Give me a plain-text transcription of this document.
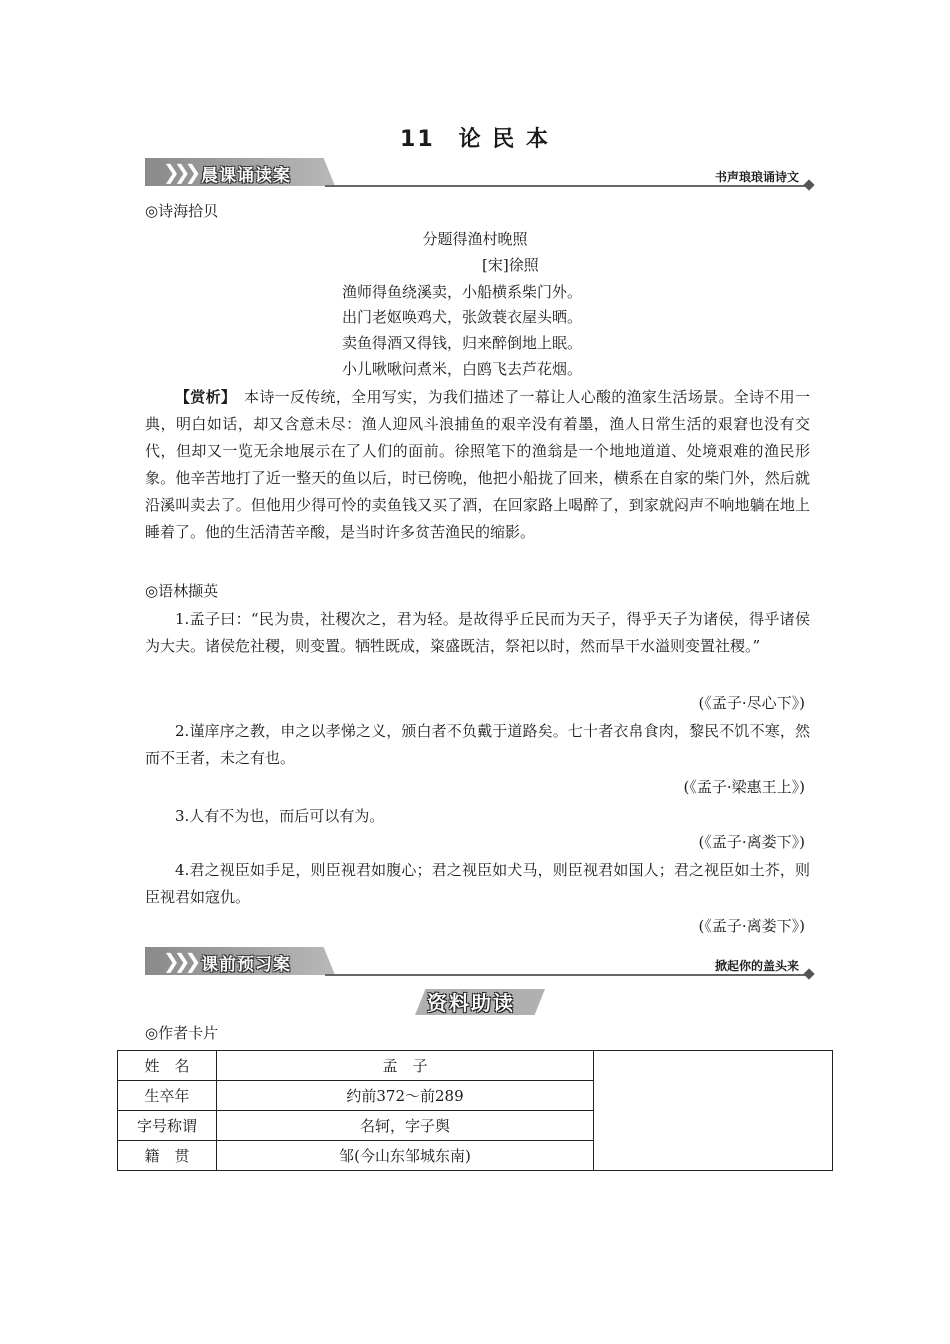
11　论 民 本
❯❯❯ 晨课诵读案	书声琅琅诵诗文
◎诗海拾贝
分题得渔村晚照
[宋]徐照
渔师得鱼绕溪卖，小船横系柴门外。
出门老妪唤鸡犬，张敛蓑衣屋头晒。
卖鱼得酒又得钱，归来醉倒地上眠。
小儿啾啾问煮米，白鸥飞去芦花烟。
【赏析】　本诗一反传统，全用写实，为我们描述了一幕让人心酸的渔家生活场景。全诗不用一典，明白如话，却又含意未尽：渔人迎风斗浪捕鱼的艰辛没有着墨，渔人日常生活的艰窘也没有交代，但却又一览无余地展示在了人们的面前。徐照笔下的渔翁是一个地地道道、处境艰难的渔民形象。他辛苦地打了近一整天的鱼以后，时已傍晚，他把小船拢了回来，横系在自家的柴门外，然后就沿溪叫卖去了。但他用少得可怜的卖鱼钱又买了酒，在回家路上喝醉了，到家就闷声不响地躺在地上睡着了。他的生活清苦辛酸，是当时许多贫苦渔民的缩影。
◎语林撷英
1.孟子曰：“民为贵，社稷次之，君为轻。是故得乎丘民而为天子，得乎天子为诸侯，得乎诸侯为大夫。诸侯危社稷，则变置。牺牲既成，粢盛既洁，祭祀以时，然而旱干水溢则变置社稷。”
(《孟子·尽心下》)
2.谨庠序之教，申之以孝悌之义，颁白者不负戴于道路矣。七十者衣帛食肉，黎民不饥不寒，然而不王者，未之有也。
(《孟子·梁惠王上》)
3.人有不为也，而后可以有为。
(《孟子·离娄下》)
4.君之视臣如手足，则臣视君如腹心；君之视臣如犬马，则臣视君如国人；君之视臣如土芥，则臣视君如寇仇。
(《孟子·离娄下》)
❯❯❯ 课前预习案	掀起你的盖头来
资料助读
◎作者卡片
姓　名	孟　子	
生卒年	约前372～前289	
字号称谓	名轲，字子舆	
籍　贯	邹(今山东邹城东南)	
